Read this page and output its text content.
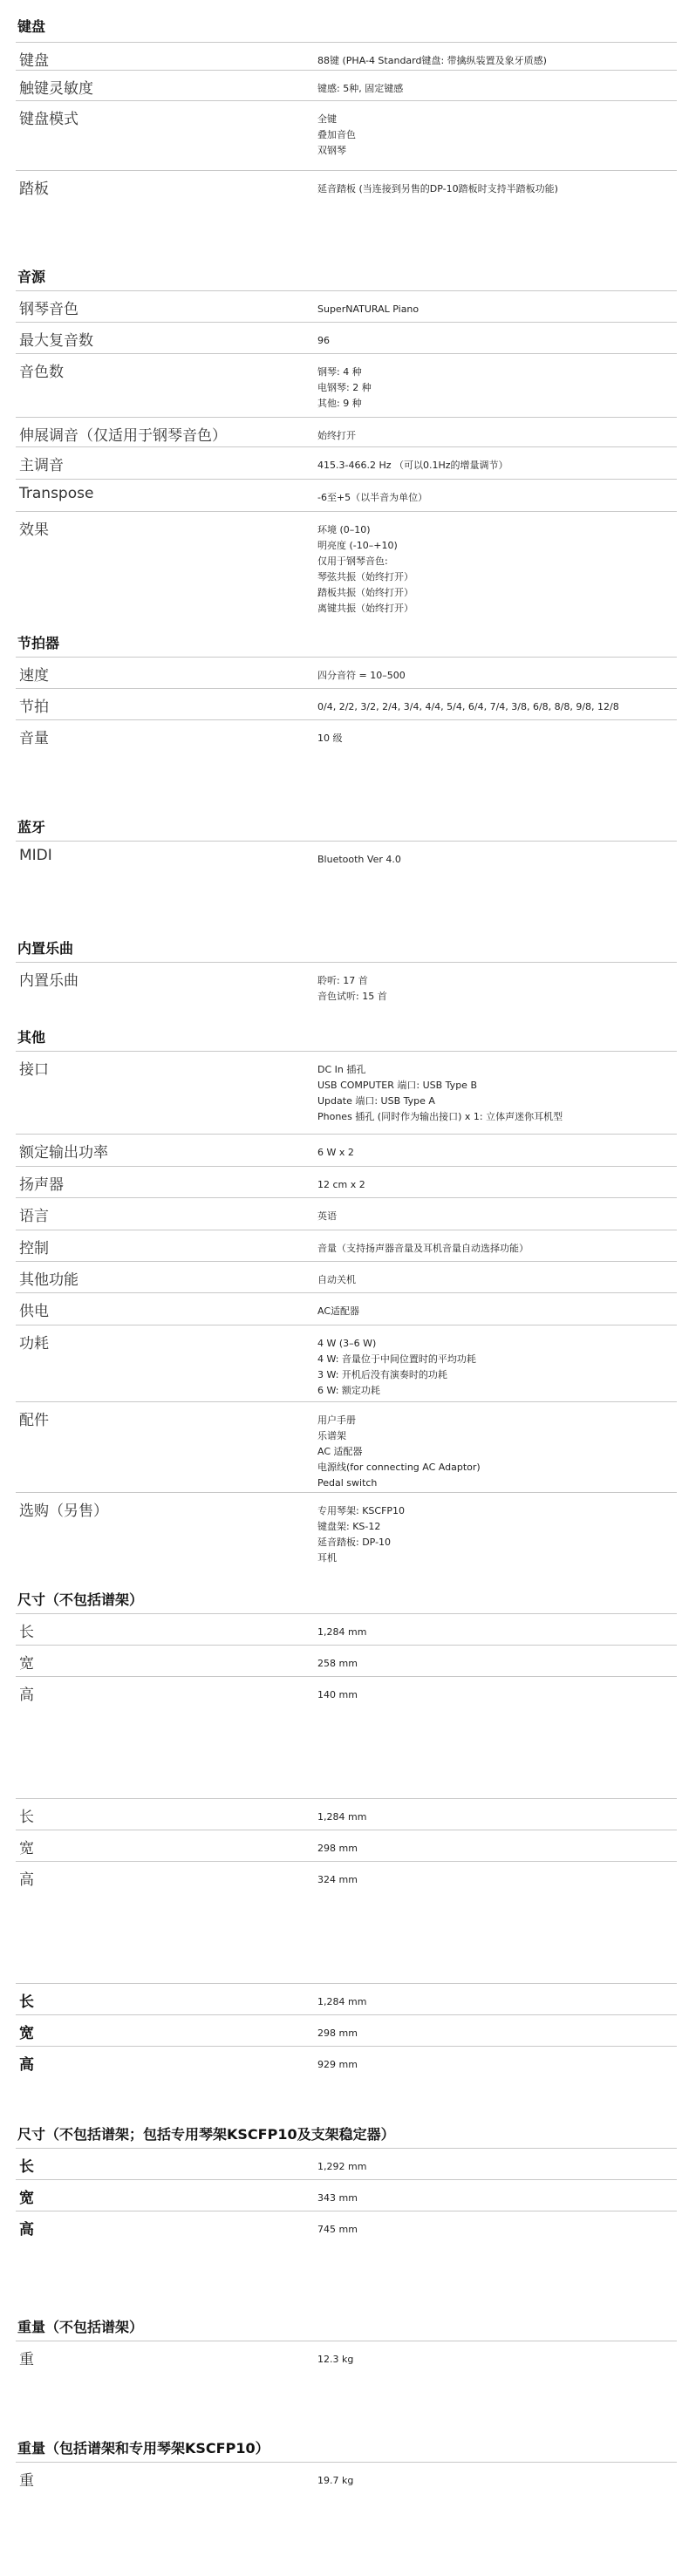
键盘
键盘	88键 (PHA-4 Standard键盘: 带擒纵装置及象牙质感)
触键灵敏度	键感: 5种, 固定键感
键盘模式	全键
叠加音色
双钢琴
踏板	延音踏板 (当连接到另售的DP-10踏板时支持半踏板功能)
音源
钢琴音色	SuperNATURAL Piano
最大复音数	96
音色数	钢琴: 4 种
电钢琴: 2 种
其他: 9 种
伸展调音（仅适用于钢琴音色）	始终打开
主调音	415.3-466.2 Hz （可以0.1Hz的增量调节）
Transpose	-6至+5（以半音为单位）
效果	环境 (0–10)
明亮度 (-10–+10)
仅用于钢琴音色:
琴弦共振（始终打开）
踏板共振（始终打开）
离键共振（始终打开）
节拍器
速度	四分音符 = 10–500
节拍	0/4, 2/2, 3/2, 2/4, 3/4, 4/4, 5/4, 6/4, 7/4, 3/8, 6/8, 8/8, 9/8, 12/8
音量	10 级
蓝牙
MIDI	Bluetooth Ver 4.0
内置乐曲
内置乐曲	聆听: 17 首
音色试听: 15 首
其他
接口	DC In 插孔
USB COMPUTER 端口: USB Type B
Update 端口: USB Type A
Phones 插孔 (同时作为输出接口) x 1: 立体声迷你耳机型
额定输出功率	6 W x 2
扬声器	12 cm x 2
语言	英语
控制	音量（支持扬声器音量及耳机音量自动选择功能）
其他功能	自动关机
供电	AC适配器
功耗	4 W (3–6 W)
4 W: 音量位于中间位置时的平均功耗
3 W: 开机后没有演奏时的功耗
6 W: 额定功耗
配件	用户手册
乐谱架
AC 适配器
电源线(for connecting AC Adaptor)
Pedal switch
选购（另售）	专用琴架: KSCFP10
键盘架: KS-12
延音踏板: DP-10
耳机
尺寸（不包括谱架）
长	1,284 mm
宽	258 mm
高	140 mm
长	1,284 mm
宽	298 mm
高	324 mm
长	1,284 mm
宽	298 mm
高	929 mm
尺寸（不包括谱架；包括专用琴架KSCFP10及支架稳定器）
长	1,292 mm
宽	343 mm
高	745 mm
重量（不包括谱架）
重	12.3 kg
重量（包括谱架和专用琴架KSCFP10）
重	19.7 kg
